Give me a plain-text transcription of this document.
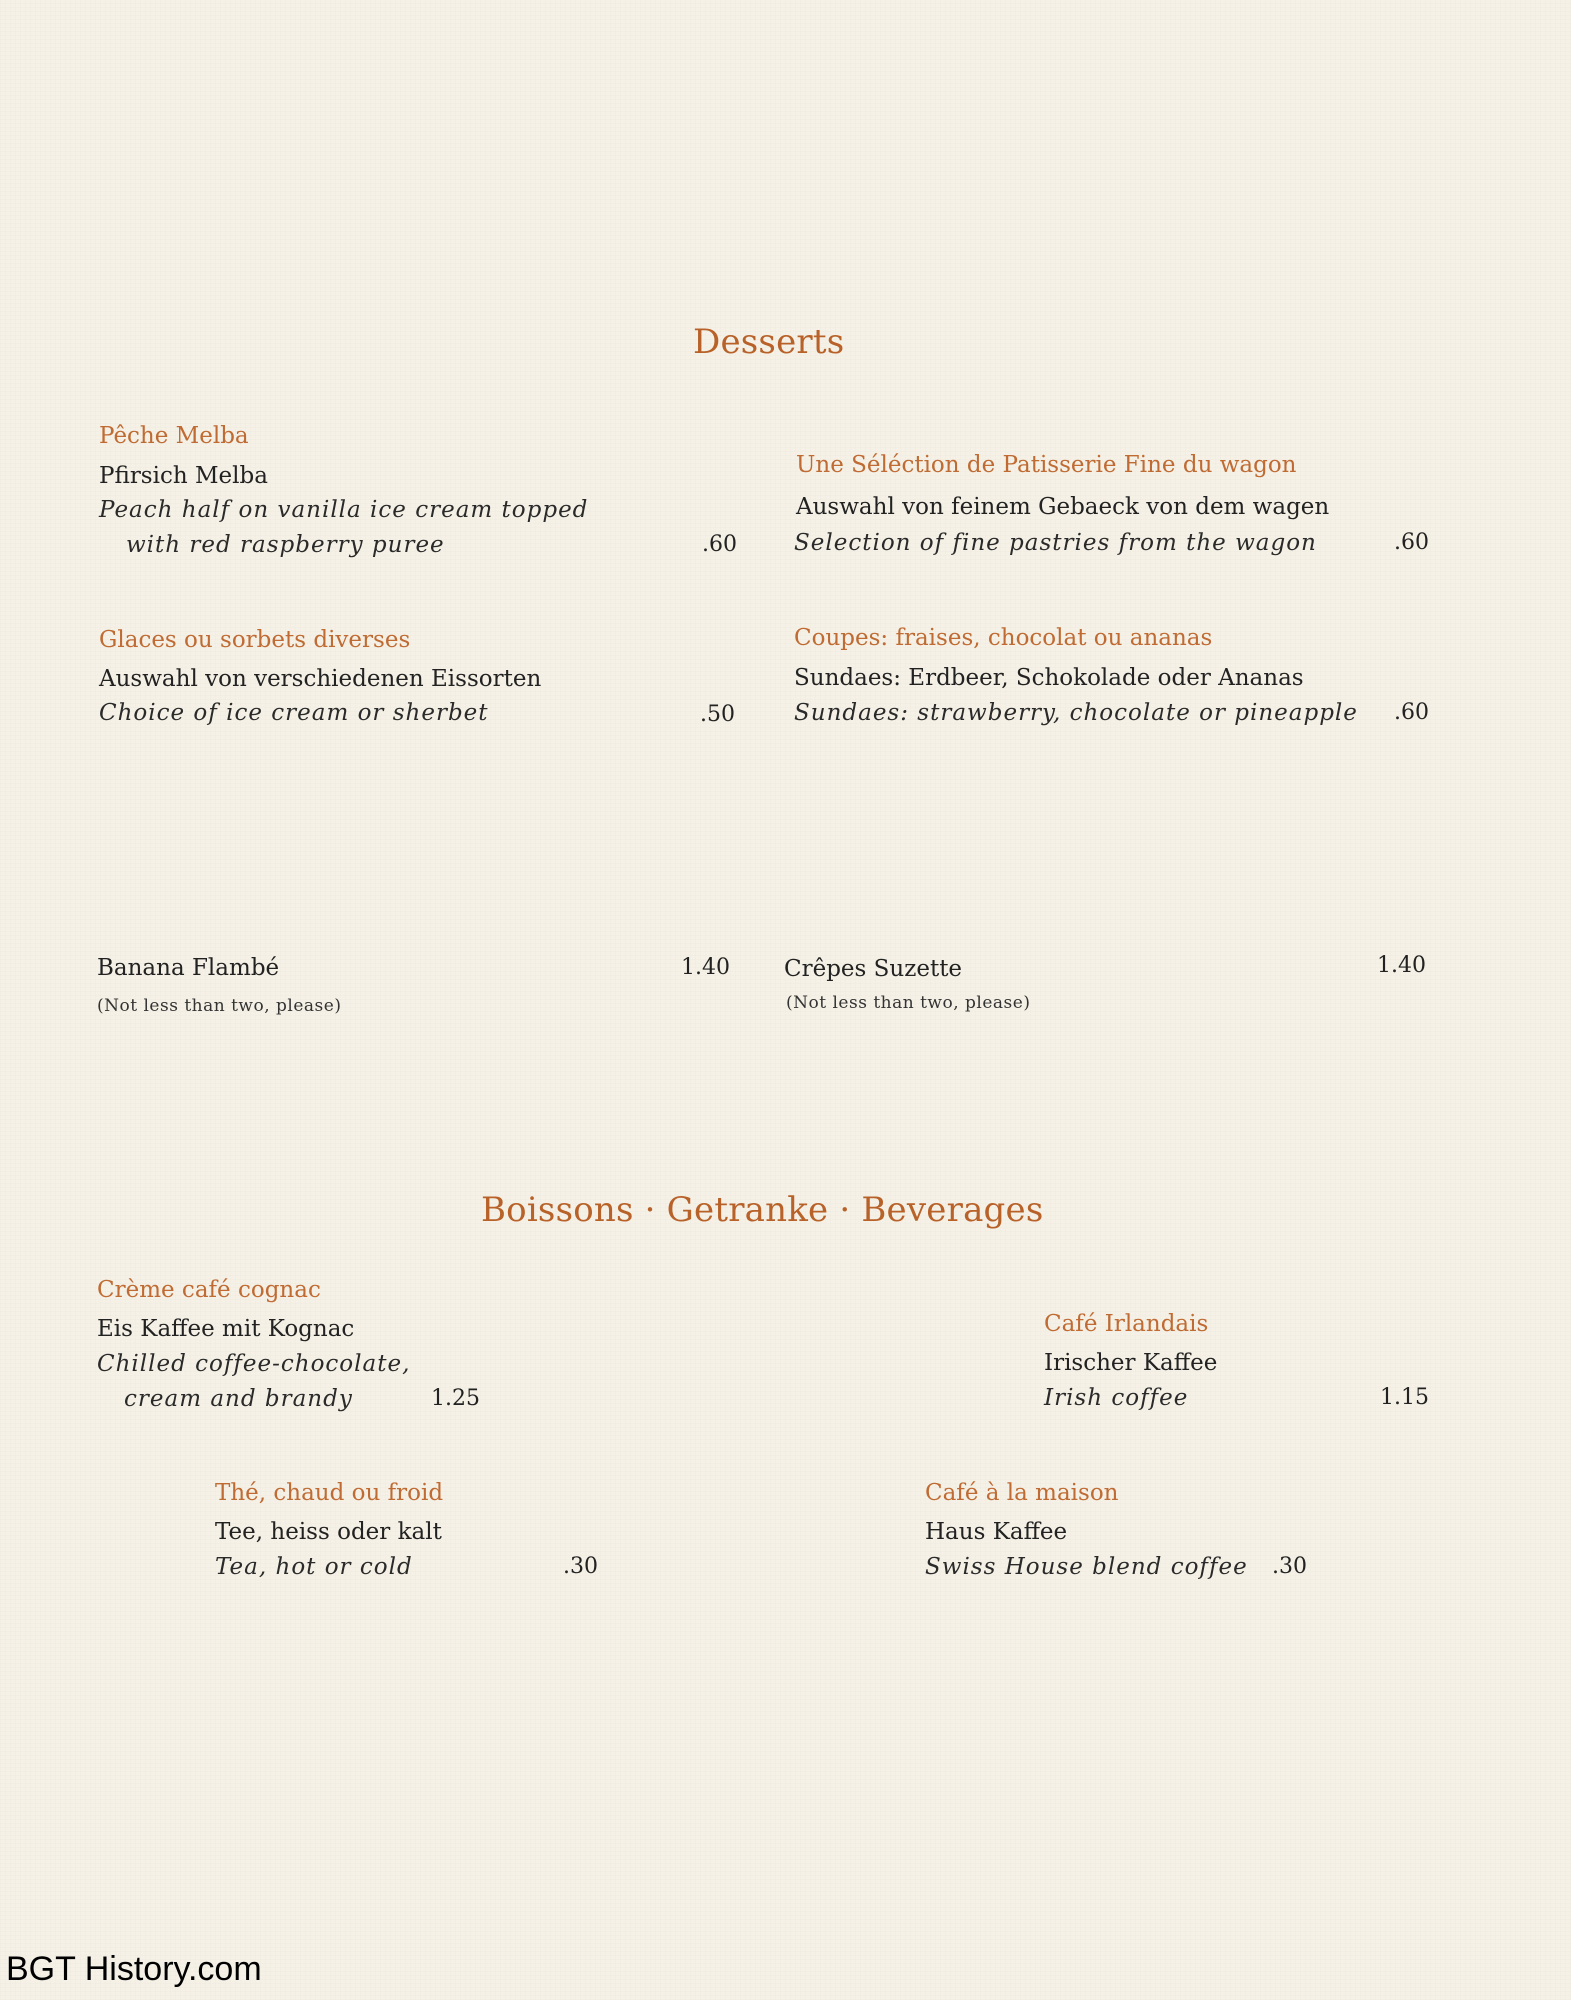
Desserts
Pêche Melba
Pfirsich Melba
Peach half on vanilla ice cream topped
with red raspberry puree	.60
Une Séléction de Patisserie Fine du wagon
Auswahl von feinem Gebaeck von dem wagen
Selection of fine pastries from the wagon	.60
Glaces ou sorbets diverses
Auswahl von verschiedenen Eissorten
Choice of ice cream or sherbet	.50
Coupes: fraises, chocolat ou ananas
Sundaes: Erdbeer, Schokolade oder Ananas
Sundaes: strawberry, chocolate or pineapple .60
Banana Flambé
(Not less than two, please)
1.40 Crêpes Suzette
(Not less than two, please)
1.40
Boissons · Getranke · Beverages
Crème café cognac
Eis Kaffee mit Kognac
Chilled coffee-chocolate,
cream and brandy	1.25
Café Irlandais
Irischer Kaffee
Irish coffee	1.15
Thé, chaud ou froid
Tee, heiss oder kalt
Tea, hot or cold	.30
Café à la maison
Haus Kaffee
Swiss House blend coffee .30
BGT History.com
